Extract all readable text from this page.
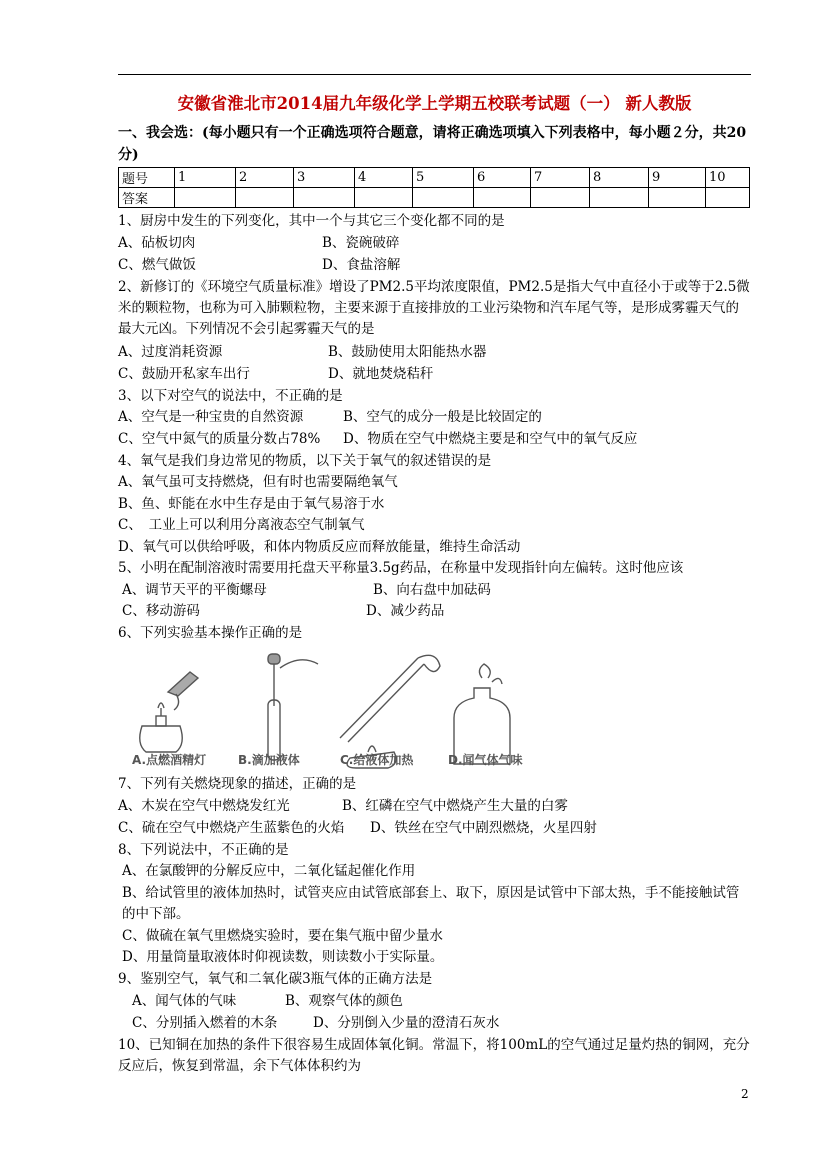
安徽省淮北市2014届九年级化学上学期五校联考试题（一） 新人教版
一、我会选：(每小题只有一个正确选项符合题意，请将正确选项填入下列表格中，每小题２分，共20分)
题号	1	2	3	4	5	6	7	8	9	10
答案										
1、厨房中发生的下列变化，其中一个与其它三个变化都不同的是
A、砧板切肉	B、瓷碗破碎
C、燃气做饭	D、食盐溶解
2、新修订的《环境空气质量标准》增设了PM2.5平均浓度限值，PM2.5是指大气中直径小于或等于2.5微米的颗粒物，也称为可入肺颗粒物，主要来源于直接排放的工业污染物和汽车尾气等，是形成雾霾天气的最大元凶。下列情况不会引起雾霾天气的是
A、过度消耗资源	B、鼓励使用太阳能热水器
C、鼓励开私家车出行	D、就地焚烧秸秆
3、以下对空气的说法中，不正确的是
A、空气是一种宝贵的自然资源	B、空气的成分一般是比较固定的
C、空气中氮气的质量分数占78% D、物质在空气中燃烧主要是和空气中的氧气反应
4、氧气是我们身边常见的物质，以下关于氧气的叙述错误的是
A、氧气虽可支持燃烧，但有时也需要隔绝氧气
B、鱼、虾能在水中生存是由于氧气易溶于水
C、　工业上可以利用分离液态空气制氧气
D、氧气可以供给呼吸，和体内物质反应而释放能量，维持生命活动
5、小明在配制溶液时需要用托盘天平称量3.5g药品，在称量中发现指针向左偏转。这时他应该
A、调节天平的平衡螺母	B、向右盘中加砝码
C、移动游码	D、减少药品
6、下列实验基本操作正确的是
A.点燃酒精灯	B.滴加液体	C.给液体加热	D.闻气体气味
7、下列有关燃烧现象的描述，正确的是
A、木炭在空气中燃烧发红光	B、红磷在空气中燃烧产生大量的白雾
C、硫在空气中燃烧产生蓝紫色的火焰 D、铁丝在空气中剧烈燃烧，火星四射
8、下列说法中，不正确的是
A、在氯酸钾的分解反应中，二氧化锰起催化作用
B、给试管里的液体加热时，试管夹应由试管底部套上、取下，原因是试管中下部太热，手不能接触试管的中下部。
C、做硫在氧气里燃烧实验时，要在集气瓶中留少量水
D、用量筒量取液体时仰视读数，则读数小于实际量。
9、鉴别空气，氧气和二氧化碳3瓶气体的正确方法是
A、闻气体的气味	B、观察气体的颜色
C、分别插入燃着的木条	D、分别倒入少量的澄清石灰水
10、已知铜在加热的条件下很容易生成固体氧化铜。常温下，将100mL的空气通过足量灼热的铜网，充分反应后，恢复到常温，余下气体体积约为
2
